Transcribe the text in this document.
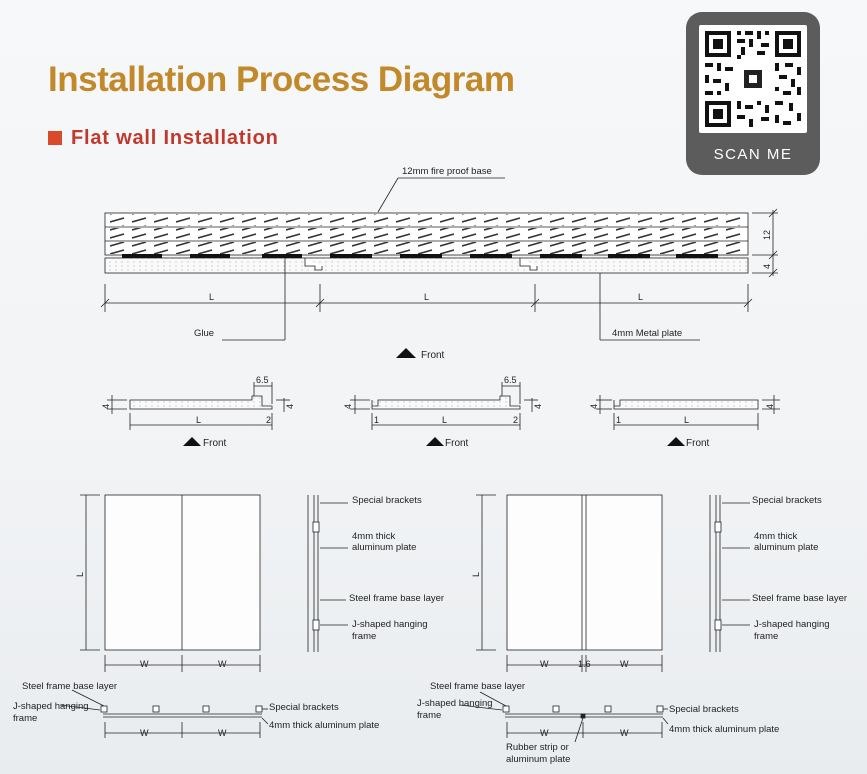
Installation Process Diagram
Flat wall Installation
SCAN ME
12mm fire proof base
Glue	4mm Metal plate
12
4
L	L	L
Front
6.5
4	4
L	2
Front
6.5
4	4
1	L	2
Front
4	4
1	L
Front
L
W	W
L
W	1.6	W
Special brackets
4mm thick
aluminum plate
Steel frame base layer
J-shaped hanging
frame
Special brackets
4mm thick
aluminum plate
Steel frame base layer
J-shaped hanging
frame
Steel frame base layer
J-shaped hanging
frame
Special brackets
4mm thick aluminum plate
W	W
Steel frame base layer
J-shaped hanging
frame
Special brackets
4mm thick aluminum plate
W	W
Rubber strip or
aluminum plate
